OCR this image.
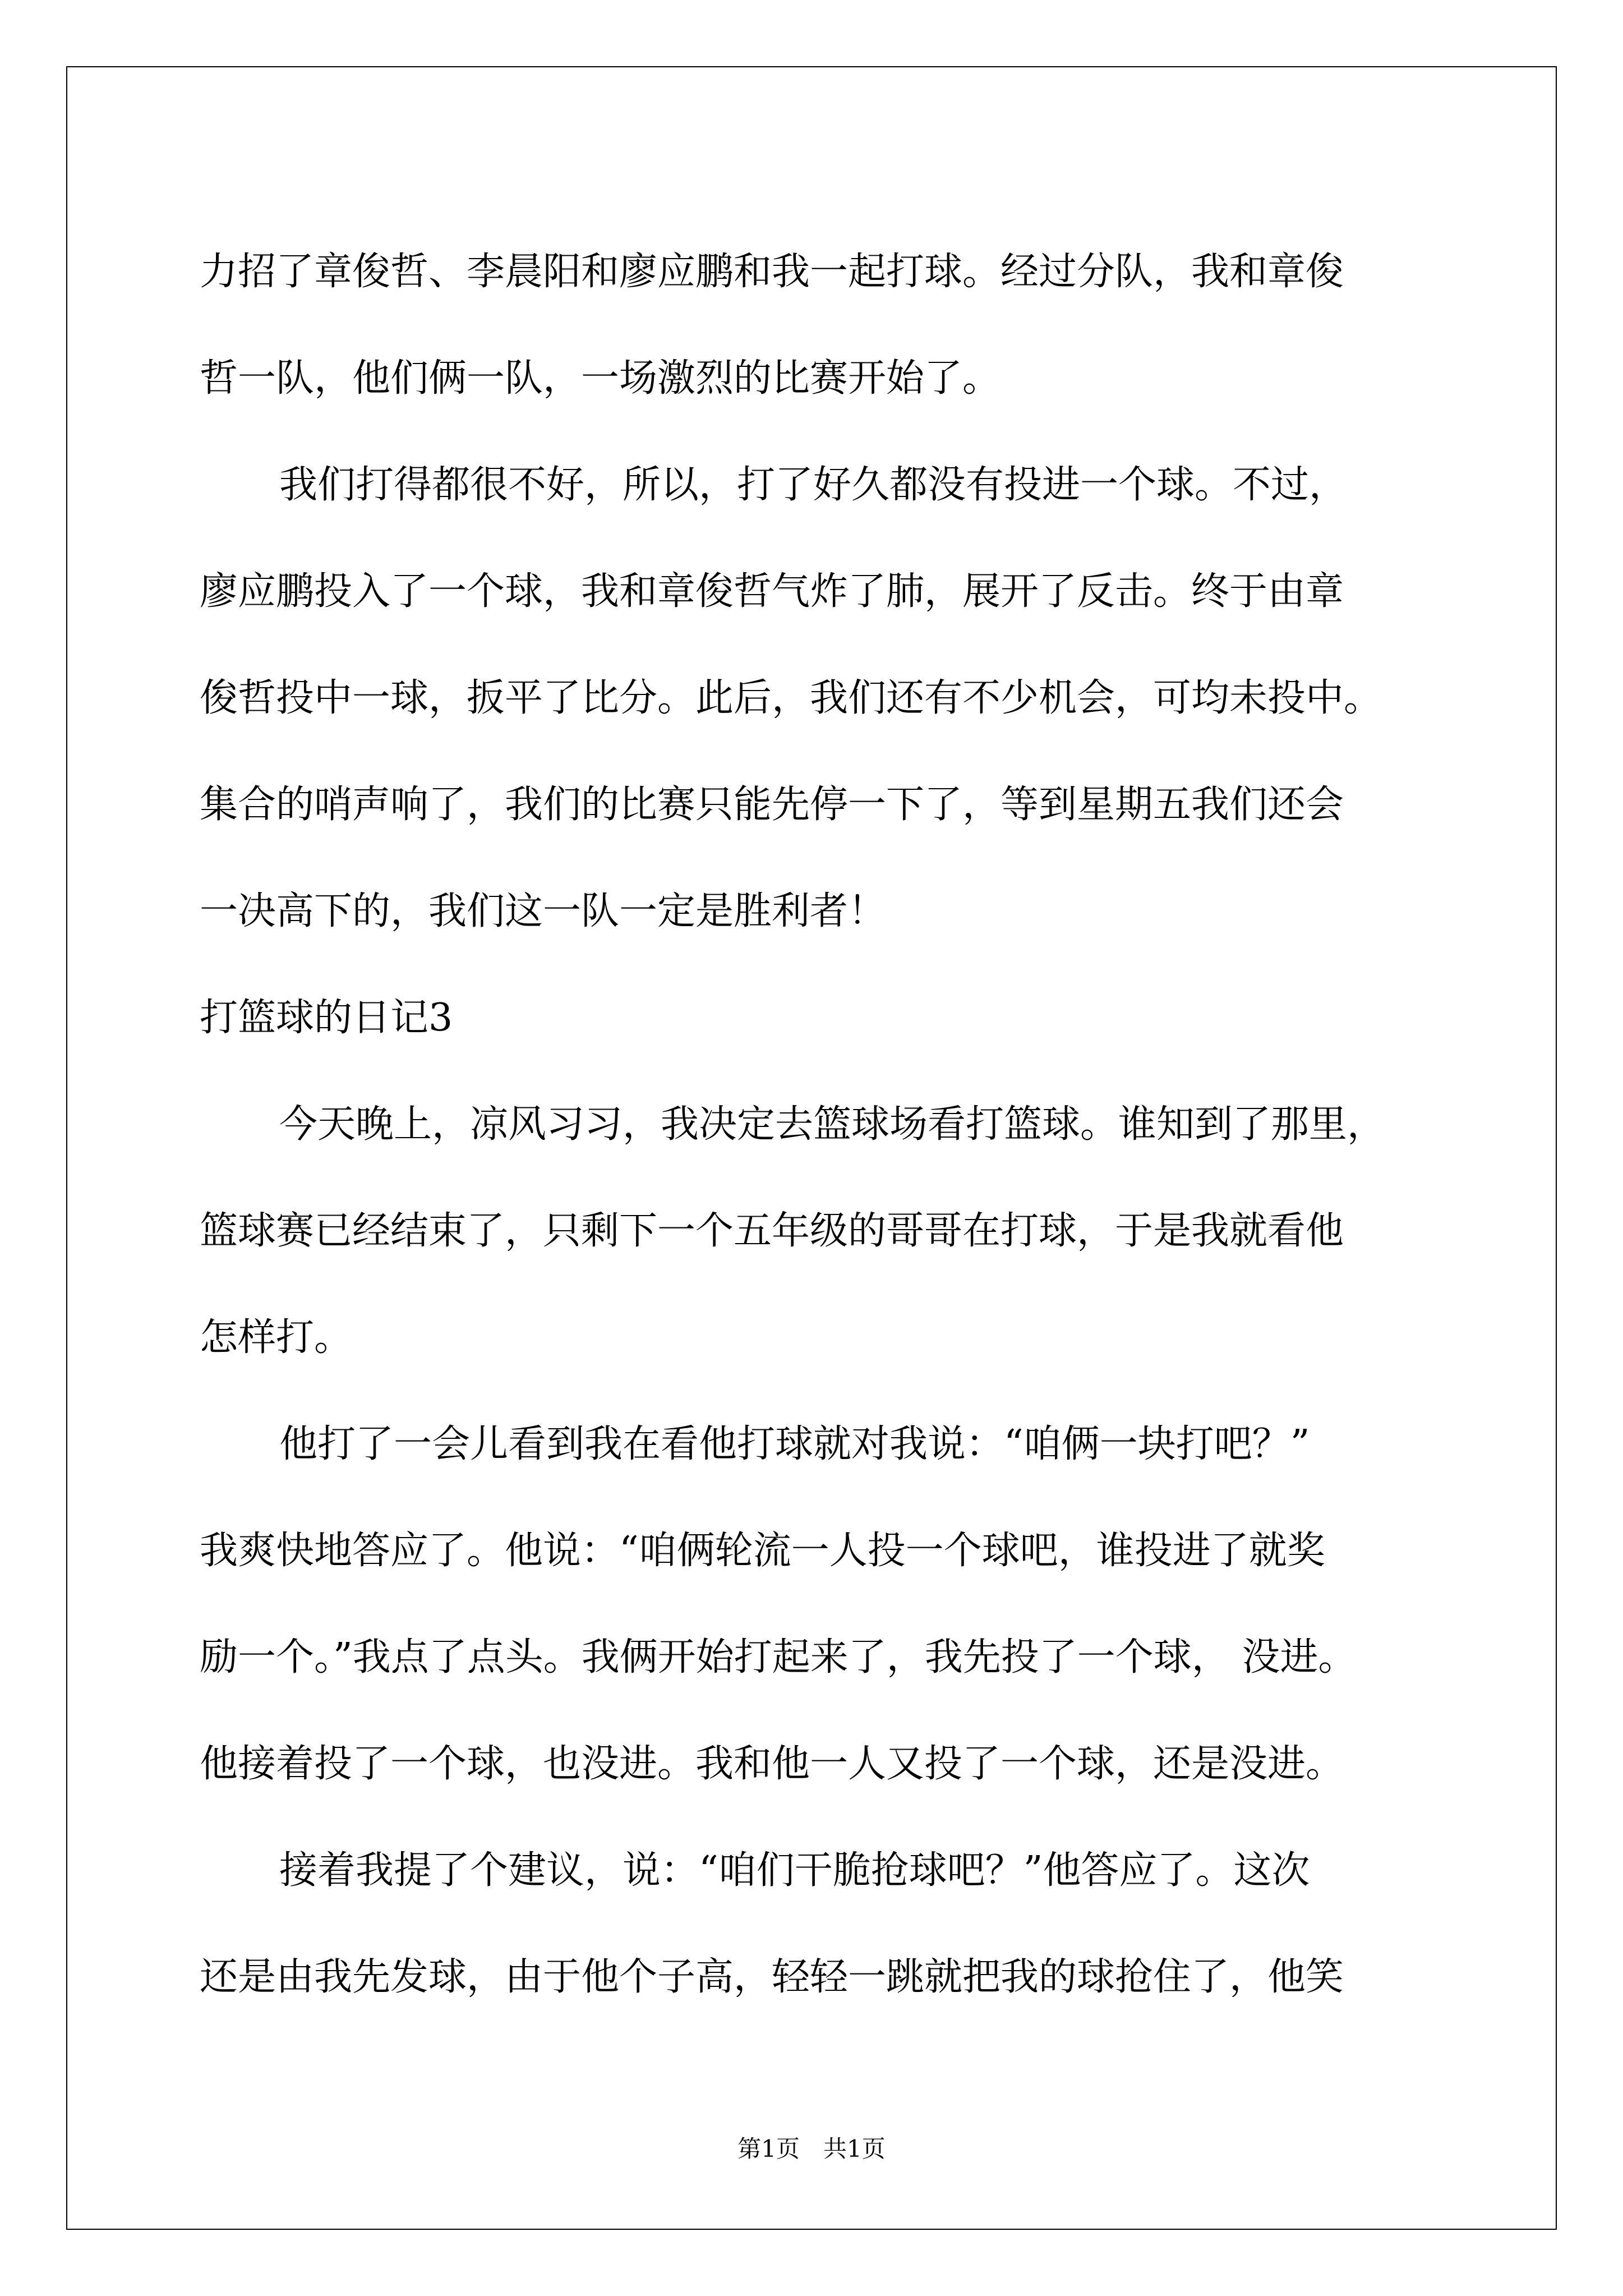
力招了章俊哲、李晨阳和廖应鹏和我一起打球。经过分队，我和章俊

哲一队，他们俩一队，一场激烈的比赛开始了。

我们打得都很不好，所以，打了好久都没有投进一个球。不过，

廖应鹏投入了一个球，我和章俊哲气炸了肺，展开了反击。终于由章

俊哲投中一球，扳平了比分。此后，我们还有不少机会，可均未投中。

集合的哨声响了，我们的比赛只能先停一下了，等到星期五我们还会

一决高下的，我们这一队一定是胜利者！

打篮球的日记3

今天晚上，凉风习习，我决定去篮球场看打篮球。谁知到了那里，

篮球赛已经结束了，只剩下一个五年级的哥哥在打球，于是我就看他

怎样打。

他打了一会儿看到我在看他打球就对我说：“咱俩一块打吧？”

我爽快地答应了。他说：“咱俩轮流一人投一个球吧，谁投进了就奖

励一个。”我点了点头。我俩开始打起来了，我先投了一个球， 没进。

他接着投了一个球，也没进。我和他一人又投了一个球，还是没进。

接着我提了个建议，说：“咱们干脆抢球吧？”他答应了。这次

还是由我先发球，由于他个子高，轻轻一跳就把我的球抢住了，他笑

第1页　共1页
